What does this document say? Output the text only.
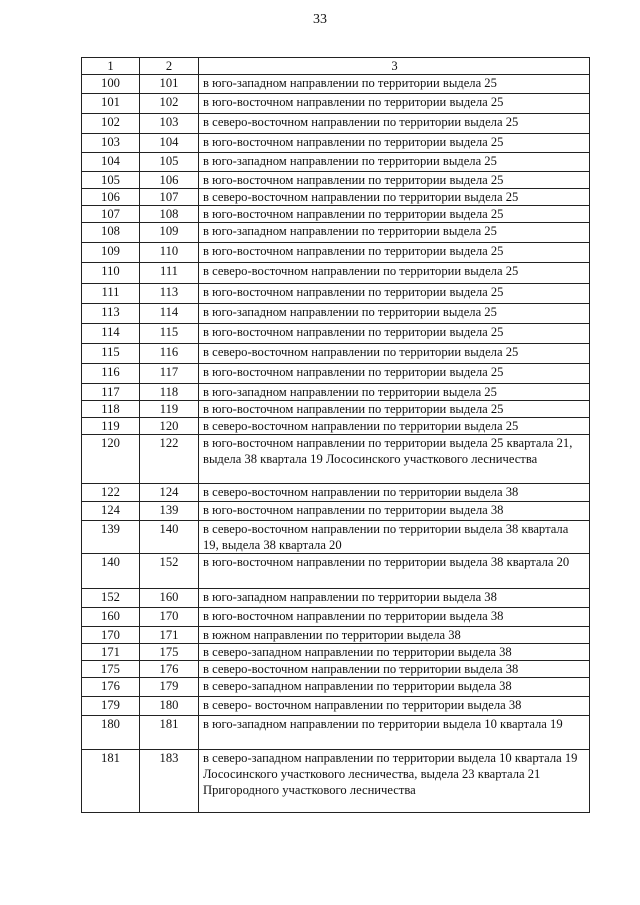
33
1	2	3
100	101	в юго-западном направлении по территории выдела 25
101	102	в юго-восточном направлении по территории выдела 25
102	103	в северо-восточном направлении по территории выдела 25
103	104	в юго-восточном направлении по территории выдела 25
104	105	в юго-западном направлении по территории выдела 25
105	106	в юго-восточном направлении по территории выдела 25
106	107	в северо-восточном направлении по территории выдела 25
107	108	в юго-восточном направлении по территории выдела 25
108	109	в юго-западном направлении по территории выдела 25
109	110	в юго-восточном направлении по территории выдела 25
110	111	в северо-восточном направлении по территории выдела 25
111	113	в юго-восточном направлении по территории выдела 25
113	114	в юго-западном направлении по территории выдела 25
114	115	в юго-восточном направлении по территории выдела 25
115	116	в северо-восточном направлении по территории выдела 25
116	117	в юго-восточном направлении по территории выдела 25
117	118	в юго-западном направлении по территории выдела 25
118	119	в юго-восточном направлении по территории выдела 25
119	120	в северо-восточном направлении по территории выдела 25
120	122	в юго-восточном направлении по территории выдела 25 квартала 21, выдела 38 квартала 19 Лососинского участкового лесничества
122	124	в северо-восточном направлении по территории выдела 38
124	139	в юго-восточном направлении по территории выдела 38
139	140	в северо-восточном направлении по территории выдела 38 квартала 19, выдела 38 квартала 20
140	152	в юго-восточном направлении по территории выдела 38 квартала 20
152	160	в юго-западном направлении по территории выдела 38
160	170	в юго-восточном направлении по территории выдела 38
170	171	в южном направлении по территории выдела 38
171	175	в северо-западном направлении по территории выдела 38
175	176	в северо-восточном направлении по территории выдела 38
176	179	в северо-западном направлении по территории выдела 38
179	180	в северо- восточном направлении по территории выдела 38
180	181	в юго-западном направлении по территории выдела 10 квартала 19
181	183	в северо-западном направлении по территории выдела 10 квартала 19 Лососинского участкового лесничества, выдела 23 квартала 21 Пригородного участкового лесничества
